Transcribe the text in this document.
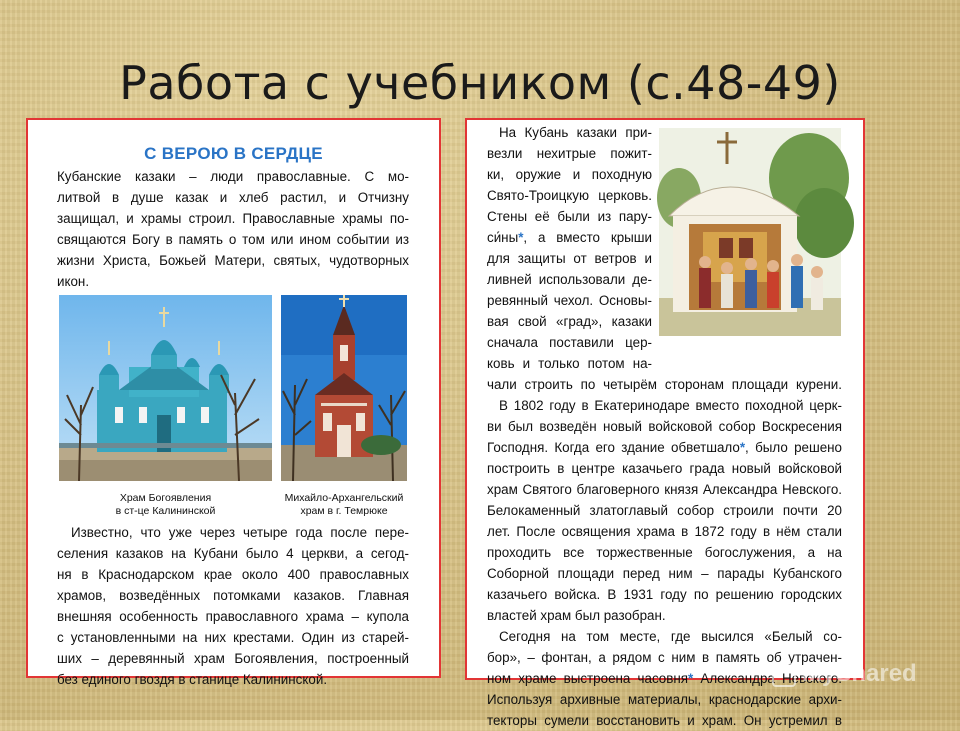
Работа с учебником (с.48-49)
С ВЕРОЮ В СЕРДЦЕ
Кубанские казаки – люди православные. С мо-
литвой в душе казак и хлеб растил, и Отчизну
защищал, и храмы строил. Православные храмы по-
свящаются Богу в память о том или ином событии из
жизни Христа, Божьей Матери, святых, чудотворных
икон.
Храм Богоявления
в ст-це Калининской
Михайло-Архангельский
храм в г. Темрюке
Известно, что уже через четыре года после пере-
селения казаков на Кубани было 4 церкви, а сегод-
ня в Краснодарском крае около 400 православных
храмов, возведённых потомками казаков. Главная
внешняя особенность православного храма – купола
с установленными на них крестами. Один из старей-
ших – деревянный храм Богоявления, построенный
без единого гвоздя в станице Калининской.
На Кубань казаки при-
везли нехитрые пожит-
ки, оружие и походную
Свято-Троицкую церковь.
Стены её были из пару-
си́ны*, а вместо крыши
для защиты от ветров и
ливней использовали де-
ревянный чехол. Основы-
вая свой «град», казаки
сначала поставили цер-
ковь и только потом на-
чали строить по четырём сторонам площади курени.
В 1802 году в Екатеринодаре вместо походной церк-
ви был возведён новый войсковой собор Воскресения
Господня. Когда его здание обветшало*, было решено
построить в центре казачьего града новый войсковой
храм Святого благоверного князя Александра Невского.
Белокаменный златоглавый собор строили почти 20
лет. После освящения храма в 1872 году в нём стали
проходить все торжественные богослужения, а на
Соборной площади перед ним – парады Кубанского
казачьего войска. В 1931 году по решению городских
властей храм был разобран.
Сегодня на том месте, где высился «Белый со-
бор», – фонтан, а рядом с ним в память об утрачен-
ном храме выстроена часовня* Александра Невского.
Используя архивные материалы, краснодарские архи-
текторы сумели восстановить и храм. Он устремил в
MyShared
